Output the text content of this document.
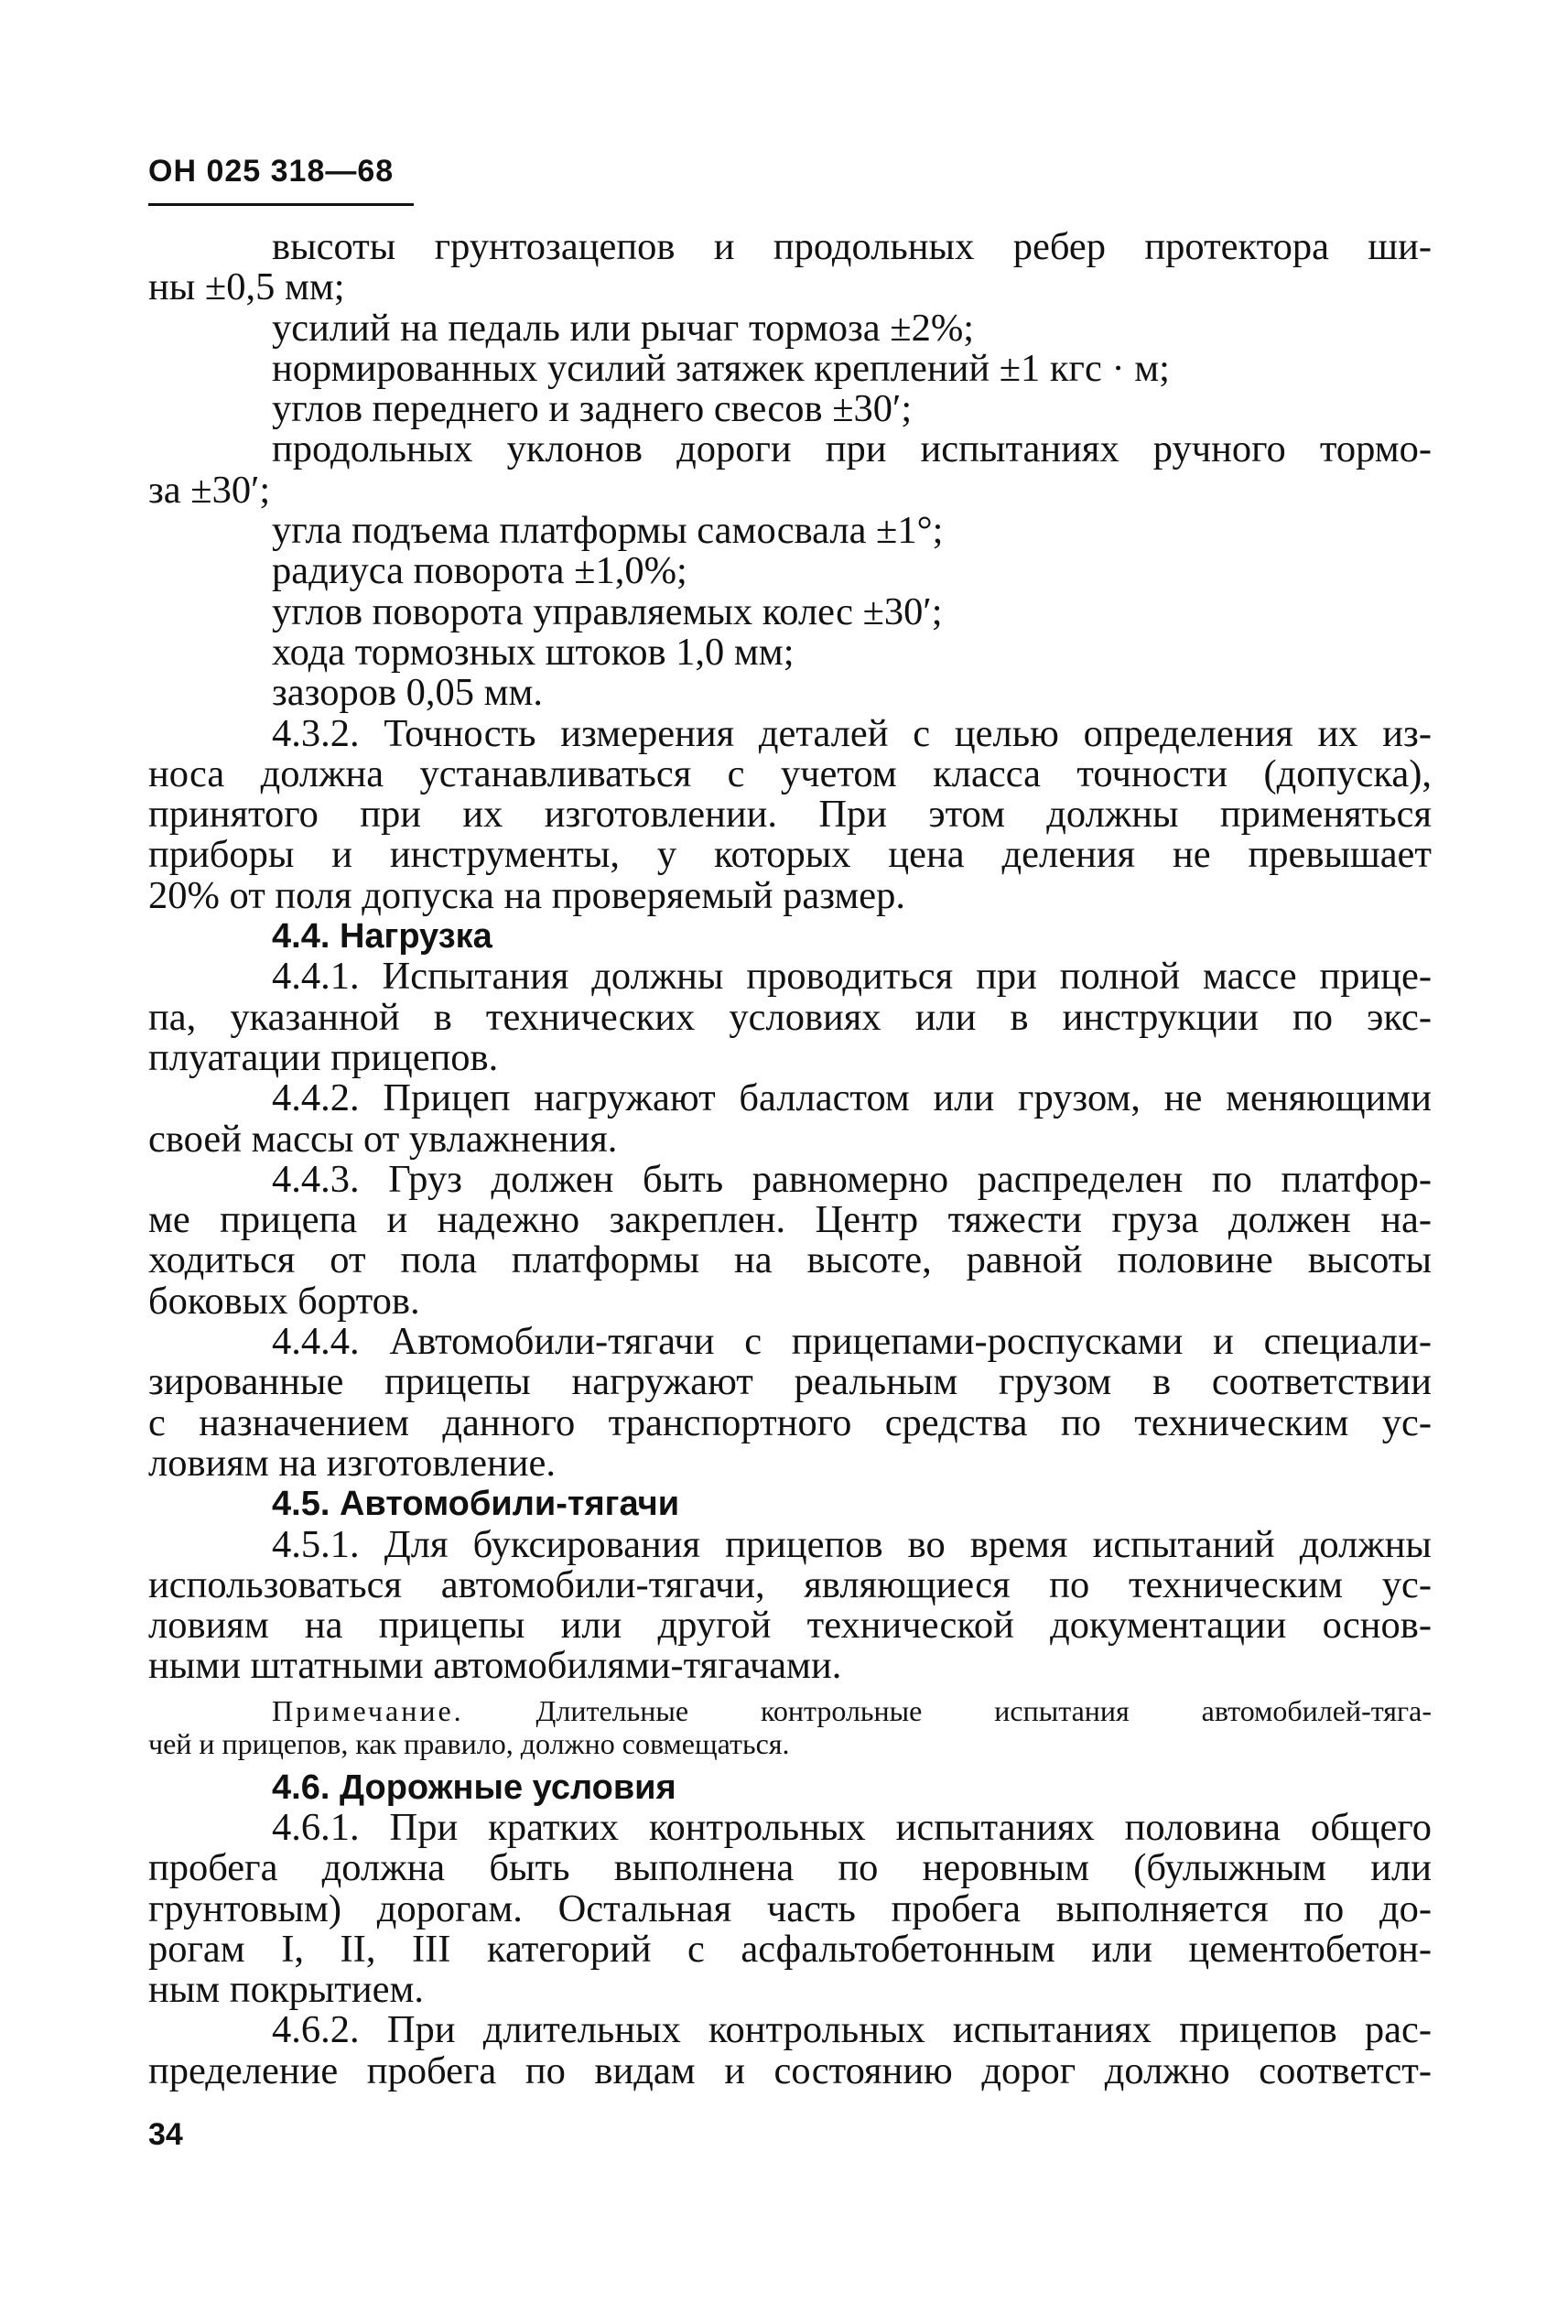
ОН 025 318—68
высоты грунтозацепов и продольных ребер протектора ши-
ны ±0,5 мм;
усилий на педаль или рычаг тормоза ±2%;
нормированных усилий затяжек креплений ±1 кгс · м;
углов переднего и заднего свесов ±30′;
продольных уклонов дороги при испытаниях ручного тормо-
за ±30′;
угла подъема платформы самосвала ±1°;
радиуса поворота ±1,0%;
углов поворота управляемых колес ±30′;
хода тормозных штоков 1,0 мм;
зазоров 0,05 мм.
4.3.2. Точность измерения деталей с целью определения их из-
носа должна устанавливаться с учетом класса точности (допуска),
принятого при их изготовлении. При этом должны применяться
приборы и инструменты, у которых цена деления не превышает
20% от поля допуска на проверяемый размер.
4.4. Нагрузка
4.4.1. Испытания должны проводиться при полной массе прице-
па, указанной в технических условиях или в инструкции по экс-
плуатации прицепов.
4.4.2. Прицеп нагружают балластом или грузом, не меняющими
своей массы от увлажнения.
4.4.3. Груз должен быть равномерно распределен по платфор-
ме прицепа и надежно закреплен. Центр тяжести груза должен на-
ходиться от пола платформы на высоте, равной половине высоты
боковых бортов.
4.4.4. Автомобили-тягачи с прицепами-роспусками и специали-
зированные прицепы нагружают реальным грузом в соответствии
с назначением данного транспортного средства по техническим ус-
ловиям на изготовление.
4.5. Автомобили-тягачи
4.5.1. Для буксирования прицепов во время испытаний должны
использоваться автомобили-тягачи, являющиеся по техническим ус-
ловиям на прицепы или другой технической документации основ-
ными штатными автомобилями-тягачами.
Примечание. Длительные контрольные испытания автомобилей-тяга-
чей и прицепов, как правило, должно совмещаться.
4.6. Дорожные условия
4.6.1. При кратких контрольных испытаниях половина общего
пробега должна быть выполнена по неровным (булыжным или
грунтовым) дорогам. Остальная часть пробега выполняется по до-
рогам I, II, III категорий с асфальтобетонным или цементобетон-
ным покрытием.
4.6.2. При длительных контрольных испытаниях прицепов рас-
пределение пробега по видам и состоянию дорог должно соответст-
34
